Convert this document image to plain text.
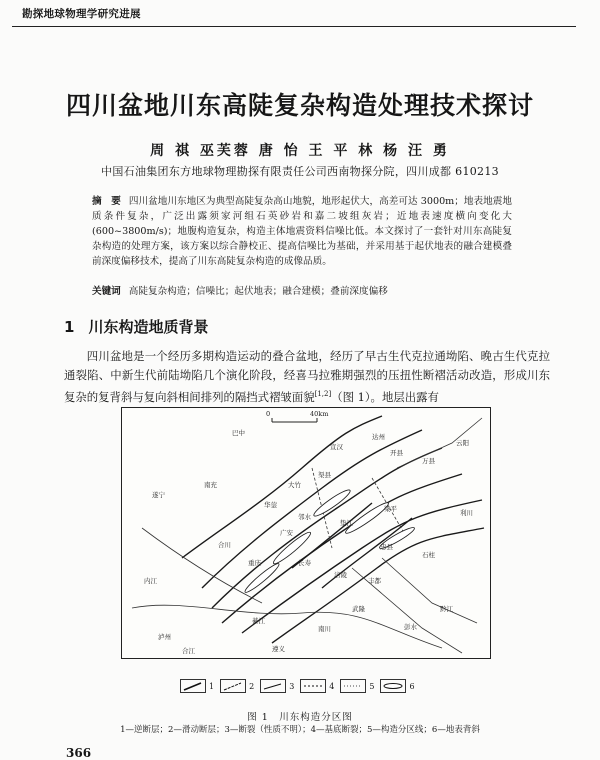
勘探地球物理学研究进展
四川盆地川东高陡复杂构造处理技术探讨
周 祺 巫芙蓉 唐 怡 王 平 林 杨 汪 勇
中国石油集团东方地球物理勘探有限责任公司西南物探分院，四川成都 610213
摘　要 四川盆地川东地区为典型高陡复杂高山地貌，地形起伏大，高差可达 3000m；地表地震地质条件复杂，广泛出露须家河组石英砂岩和嘉二坡组灰岩；近地表速度横向变化大(600~3800m/s)；地腹构造复杂，构造主体地震资料信噪比低。本文探讨了一套针对川东高陡复杂构造的处理方案，该方案以综合静校正、提高信噪比为基础，并采用基于起伏地表的融合建模叠前深度偏移技术，提高了川东高陡复杂构造的成像品质。
关键词 高陡复杂构造；信噪比；起伏地表；融合建模；叠前深度偏移
1 川东构造地质背景
四川盆地是一个经历多期构造运动的叠合盆地，经历了早古生代克拉通坳陷、晚古生代克拉通裂陷、中新生代前陆坳陷几个演化阶段，经喜马拉雅期强烈的压扭性断褶活动改造，形成川东复杂的复背斜与复向斜相间排列的隔挡式褶皱面貌[1,2]（图 1）。地层出露有
0	40km
巴中	达州
万县
南充
遂宁
华蓥
渠县
邻水
垫江
梁平
忠县
石柱
重庆
广安
合川
长寿
涪陵
丰都
武隆
内江
泸州
合江
綦江
南川
黔江
利川
云阳
开县
宣汉
大竹
彭水
遵义
1	2	3	4	5	6
图 1　川东构造分区图
1—逆断层；2—滑动断层；3—断裂（性质不明）；4—基底断裂；5—构造分区线；6—地表背斜
366
